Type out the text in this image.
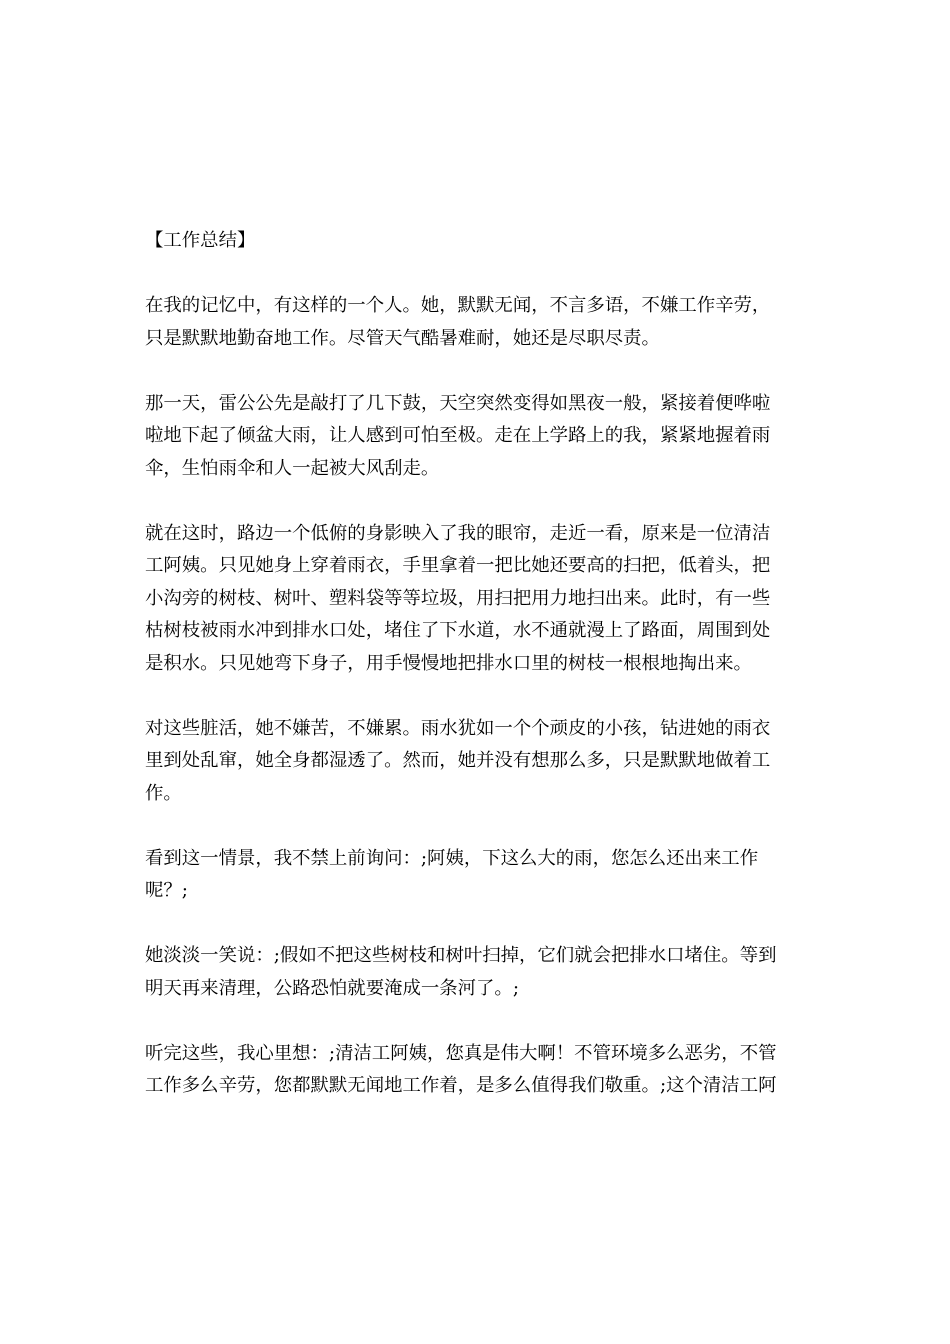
【工作总结】
在我的记忆中，有这样的一个人。她，默默无闻，不言多语，不嫌工作辛劳，
只是默默地勤奋地工作。尽管天气酷暑难耐，她还是尽职尽责。
那一天，雷公公先是敲打了几下鼓，天空突然变得如黑夜一般，紧接着便哗啦
啦地下起了倾盆大雨，让人感到可怕至极。走在上学路上的我，紧紧地握着雨
伞，生怕雨伞和人一起被大风刮走。
就在这时，路边一个低俯的身影映入了我的眼帘，走近一看，原来是一位清洁
工阿姨。只见她身上穿着雨衣，手里拿着一把比她还要高的扫把，低着头，把
小沟旁的树枝、树叶、塑料袋等等垃圾，用扫把用力地扫出来。此时，有一些
枯树枝被雨水冲到排水口处，堵住了下水道，水不通就漫上了路面，周围到处
是积水。只见她弯下身子，用手慢慢地把排水口里的树枝一根根地掏出来。
对这些脏活，她不嫌苦，不嫌累。雨水犹如一个个顽皮的小孩，钻进她的雨衣
里到处乱窜，她全身都湿透了。然而，她并没有想那么多，只是默默地做着工
作。
看到这一情景，我不禁上前询问：;阿姨，下这么大的雨，您怎么还出来工作
呢？;
她淡淡一笑说：;假如不把这些树枝和树叶扫掉，它们就会把排水口堵住。等到
明天再来清理，公路恐怕就要淹成一条河了。;
听完这些，我心里想：;清洁工阿姨，您真是伟大啊！不管环境多么恶劣，不管
工作多么辛劳，您都默默无闻地工作着，是多么值得我们敬重。;这个清洁工阿
